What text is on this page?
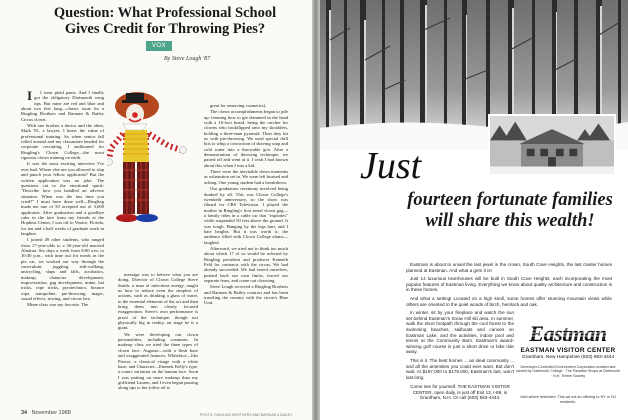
Question: What Professional School Gives Credit for Throwing Pies?
VOX
By Steve Lough '87

I I wear plaid pants. And I finally got the obligatory Dartmouth wing tips. But mine are red and blue and about two feet long—classic issue for a Ringling Brothers and Barnum & Bailey Circus clown.

With one brother a doctor and the other, Mark '81, a lawyer, I knew the value of professional training. So when senior fall rolled around and my classmates headed for corporate recruiting, I auditioned for Ringling's Clown College—the most rigorous clown training on earth.

It was the most exciting interview I've ever had. Where else are you allowed to slap and punch your fellow applicants? But the written application was no joke. The questions cut to the emotional quick: "Describe how you handled an adverse situation. When was the last time you cried?" I must have done well—Ringling made me one of 50 accepted out of 3,000 applicants. After graduation and a goodbye cake in the face from my friends at the Hopkins Center, I was off to Venice, Florida, for ten and a half weeks of graduate work in laughter.

I joined 49 other students, who ranged from 17-year-olds to a 36-year-old married Alaskan. Six days a week from 8:00 a.m. to 10:30 p.m., with time out for meals in the pie car, we worked our way through the curriculum: juggling, stilt-walking, unicycling, slaps and falls, acrobatics, makeup, character development, improvisation, gag development, mime, bat tricks, rope tricks, pyrotechnics, bounce rope, trampoline, pie-throwing, magic, sound effects, sewing, and circus lore.

Mime class was my favorite. The

message was to believe what you are doing. Director of Clown College Steve Smith, a man of infectious energy, taught us how to reduce even the simplest of actions, such as drinking a glass of water, to the essential elements of the act and then bring them into clearly focused exaggeration. Steve's own performance is proof of the technique: though not physically big in reality, on stage he is a giant.

We were developing our clown personalities, including costumes. In makeup class we tried the three types of clown face: Auguste—with a flesh base and exaggerated features; Whiteface—like Pierrot, a classical visage with a white base; and Character—Emmett Kelly's type, a comic variation on the human face. Soon I was putting on more makeup than my girlfriend Lauren, and I even began passing along tips to her (olive oil is

great for removing cosmetics).

The clown accomplishments began to pile up: learning how to get slammed in the head with a 16-foot board, being the catcher for clowns who backflipped onto my shoulders, holding a three-man pyramid. Then they hit us with pie-throwing. We used special drill bits to whip a concoction of shaving soap and cold water into a throwable goo. After a demonstration of throwing technique, we paired off and went at it. I wish I had known about this when I was a kid.

There were the inevitable down moments as exhaustion set in. We were left bruised and aching. One young student had a breakdown.

Our graduation ceremony involved being dunked by all. This was Clown College's twentieth anniversary, so the show was filmed for CBS Television. I played the mother in Ringling's first aerial clown gag—a family rides in a cable car that "explodes" while suspended 50 feet above the ground. It was tough. Hanging by the legs hurt, and I hate heights. But it was worth it: the audience filled with Clown College alums—laughed.

Afterward, we tried not to think too much about which 17 of us would be selected by Ringling president and producer Kenneth Feld for contracts with the circus. We had already succeeded. We had tested ourselves, pushed back our own limits, forced our separate fears, and come out clowning.

Steve Lough received a Ringling Brothers and Barnum & Bailey contract and has been traveling the country with the circus's Blue Unit.

34 November 1988	PHOTO: RINGLING BROTHERS AND BARNUM & BAILEY
Just
fourteen fortunate families will share this wealth!

Eastman is about to unveil the last jewel in the crown, South Cove Heights, the last cluster homes planned at Eastman. And what a gem it is!

Just 14 luxurious townhouses will be built in South Cove Heights, each incorporating the most popular features of Eastman living. Everything we know about quality architecture and construction is in these homes.

And what a setting! Located on a high knoll, some homes offer stunning mountain views while others are oriented to the quiet woods of birch, hemlock and oak.

In winter, sit by your fireplace and watch the sun set behind Eastman's Snow Hill ski area. In summer, walk the short footpath through the cool forest to the swimming beaches, sailboats and canoes on Eastman Lake, and the activities, indoor pool and tennis at the Community Barn. Eastman's award-winning golf course is just a short drive or bike ride away.

This is it. The best homes ... an ideal community ... and all the amenities you could ever want. But don't wait. At $167,000 to $179,000, Eastman's last, won't last long.

Come see for yourself. THE EASTMAN VISITOR CENTER, open daily, is just off Exit 13, I-89, in Grantham, N.H. Or call (603) 863-4444.

Eastman
EASTMAN VISITOR CENTER
Grantham, New Hampshire (603) 863-4444
Developer-Controlled Environment Corporation created and owned by Dartmouth College · The Paradise Shops at Dartmouth · N.H. Timber Society
Void where restricted. This ad not an offering to NY or NJ residents.
